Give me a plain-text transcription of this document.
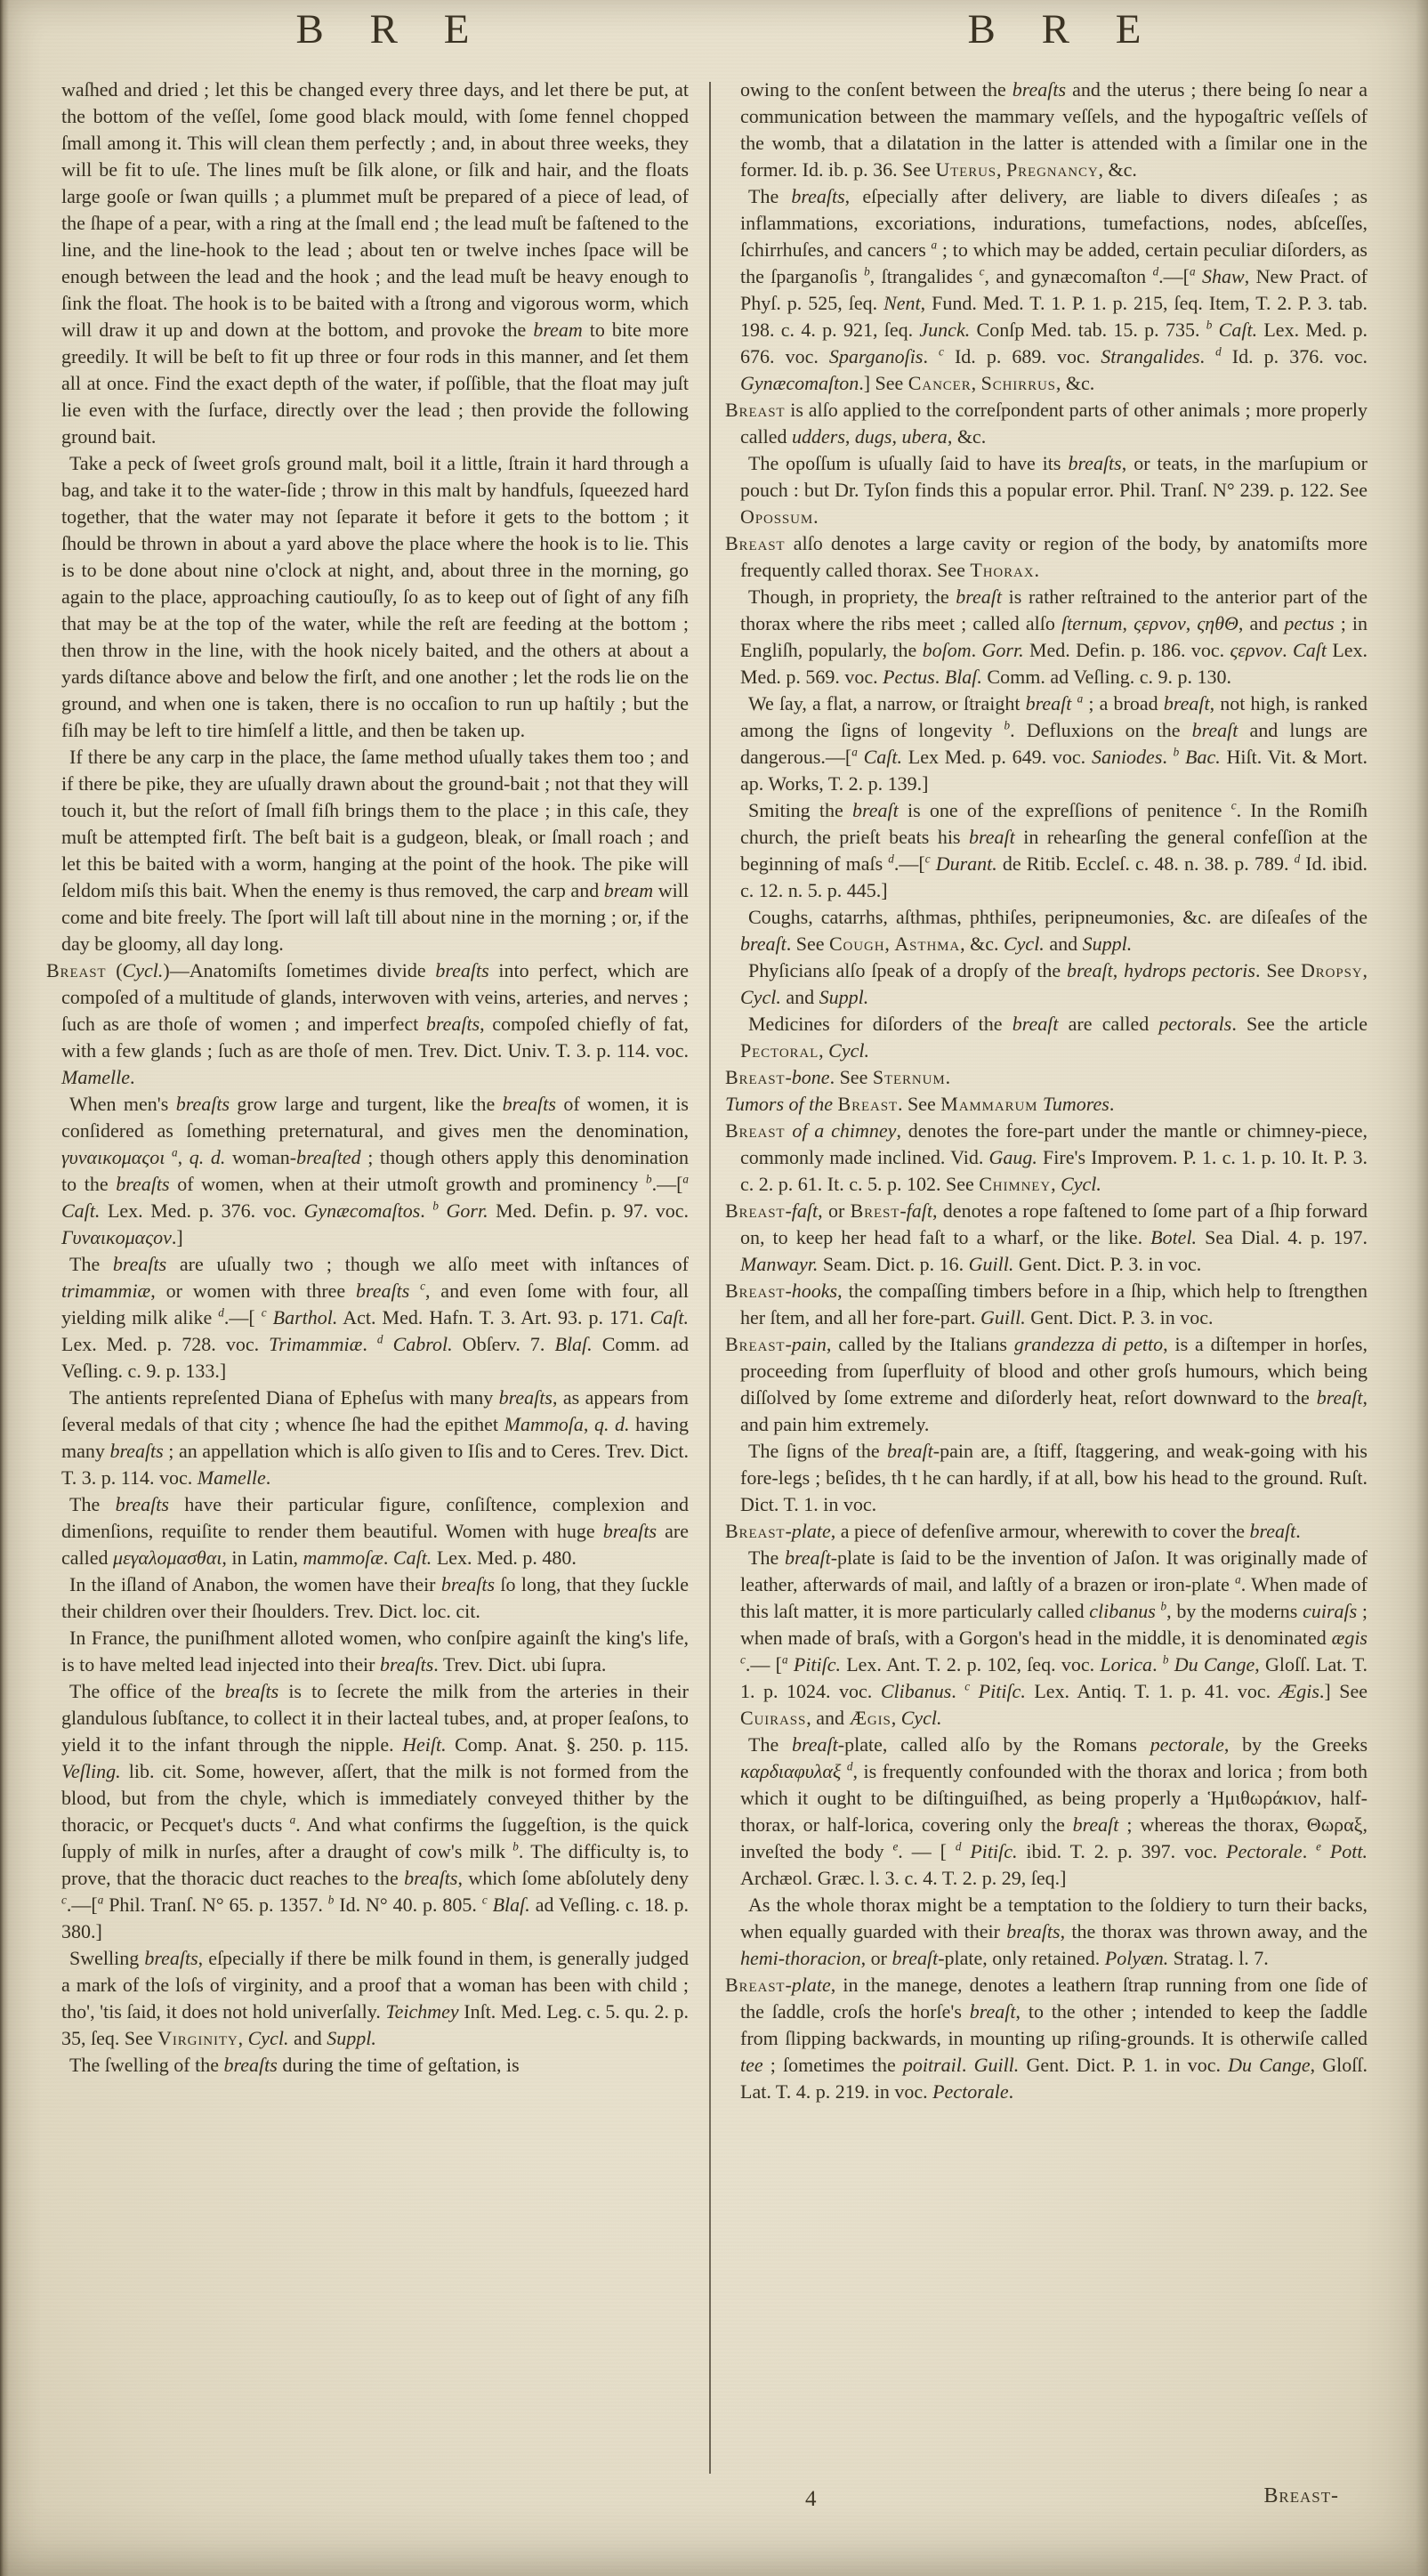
B R E	B R E

waſhed and dried ; let this be changed every three days, and let there be put, at the bottom of the veſſel, ſome good black mould, with ſome fennel chopped ſmall among it. This will clean them perfectly ; and, in about three weeks, they will be fit to uſe. The lines muſt be ſilk alone, or ſilk and hair, and the floats large gooſe or ſwan quills ; a plummet muſt be prepared of a piece of lead, of the ſhape of a pear, with a ring at the ſmall end ; the lead muſt be faſtened to the line, and the line-hook to the lead ; about ten or twelve inches ſpace will be enough between the lead and the hook ; and the lead muſt be heavy enough to ſink the float. The hook is to be baited with a ſtrong and vigorous worm, which will draw it up and down at the bottom, and provoke the bream to bite more greedily. It will be beſt to fit up three or four rods in this manner, and ſet them all at once. Find the exact depth of the water, if poſſible, that the float may juſt lie even with the ſurface, directly over the lead ; then provide the following ground bait.

Take a peck of ſweet groſs ground malt, boil it a little, ſtrain it hard through a bag, and take it to the water-ſide ; throw in this malt by handfuls, ſqueezed hard together, that the water may not ſeparate it before it gets to the bottom ; it ſhould be thrown in about a yard above the place where the hook is to lie. This is to be done about nine o'clock at night, and, about three in the morning, go again to the place, approaching cautiouſly, ſo as to keep out of ſight of any fiſh that may be at the top of the water, while the reſt are feeding at the bottom ; then throw in the line, with the hook nicely baited, and the others at about a yards diſtance above and below the firſt, and one another ; let the rods lie on the ground, and when one is taken, there is no occaſion to run up haſtily ; but the fiſh may be left to tire himſelf a little, and then be taken up.

If there be any carp in the place, the ſame method uſually takes them too ; and if there be pike, they are uſually drawn about the ground-bait ; not that they will touch it, but the reſort of ſmall fiſh brings them to the place ; in this caſe, they muſt be attempted firſt. The beſt bait is a gudgeon, bleak, or ſmall roach ; and let this be baited with a worm, hanging at the point of the hook. The pike will ſeldom miſs this bait. When the enemy is thus removed, the carp and bream will come and bite freely. The ſport will laſt till about nine in the morning ; or, if the day be gloomy, all day long.

Breast (Cycl.)—Anatomiſts ſometimes divide breaſts into perfect, which are compoſed of a multitude of glands, interwoven with veins, arteries, and nerves ; ſuch as are thoſe of women ; and imperfect breaſts, compoſed chiefly of fat, with a few glands ; ſuch as are thoſe of men. Trev. Dict. Univ. T. 3. p. 114. voc. Mamelle.

When men's breaſts grow large and turgent, like the breaſts of women, it is conſidered as ſomething preternatural, and gives men the denomination, γυναικομαςοι $^a$, q. d. woman-breaſted ; though others apply this denomination to the breaſts of women, when at their utmoſt growth and prominency $^b$.—[$^a$ Caſt. Lex. Med. p. 376. voc. Gynæcomaſtos. $^b$ Gorr. Med. Defin. p. 97. voc. Γυναικομαςον.]

The breaſts are uſually two ; though we alſo meet with inſtances of trimammiæ, or women with three breaſts $^c$, and even ſome with four, all yielding milk alike $^d$.—[ $^c$ Barthol. Act. Med. Hafn. T. 3. Art. 93. p. 171. Caſt. Lex. Med. p. 728. voc. Trimammiæ. $^d$ Cabrol. Obſerv. 7. Blaſ. Comm. ad Veſling. c. 9. p. 133.]

The antients repreſented Diana of Epheſus with many breaſts, as appears from ſeveral medals of that city ; whence ſhe had the epithet Mammoſa, q. d. having many breaſts ; an appellation which is alſo given to Iſis and to Ceres. Trev. Dict. T. 3. p. 114. voc. Mamelle.

The breaſts have their particular figure, conſiſtence, complexion and dimenſions, requiſite to render them beautiful. Women with huge breaſts are called μεγαλομασθαι, in Latin, mammoſæ. Caſt. Lex. Med. p. 480.

In the iſland of Anabon, the women have their breaſts ſo long, that they ſuckle their children over their ſhoulders. Trev. Dict. loc. cit.

In France, the puniſhment alloted women, who conſpire againſt the king's life, is to have melted lead injected into their breaſts. Trev. Dict. ubi ſupra.

The office of the breaſts is to ſecrete the milk from the arteries in their glandulous ſubſtance, to collect it in their lacteal tubes, and, at proper ſeaſons, to yield it to the infant through the nipple. Heiſt. Comp. Anat. §. 250. p. 115. Veſling. lib. cit. Some, however, aſſert, that the milk is not formed from the blood, but from the chyle, which is immediately conveyed thither by the thoracic, or Pecquet's ducts $^a$. And what confirms the ſuggeſtion, is the quick ſupply of milk in nurſes, after a draught of cow's milk $^b$. The difficulty is, to prove, that the thoracic duct reaches to the breaſts, which ſome abſolutely deny $^c$.—[$^a$ Phil. Tranſ. N° 65. p. 1357. $^b$ Id. N° 40. p. 805. $^c$ Blaſ. ad Veſling. c. 18. p. 380.]

Swelling breaſts, eſpecially if there be milk found in them, is generally judged a mark of the loſs of virginity, and a proof that a woman has been with child ; tho', 'tis ſaid, it does not hold univerſally. Teichmey Inſt. Med. Leg. c. 5. qu. 2. p. 35, ſeq. See Virginity, Cycl. and Suppl.

The ſwelling of the breaſts during the time of geſtation, is

owing to the conſent between the breaſts and the uterus ; there being ſo near a communication between the mammary veſſels, and the hypogaſtric veſſels of the womb, that a dilatation in the latter is attended with a ſimilar one in the former. Id. ib. p. 36. See Uterus, Pregnancy, &c.

The breaſts, eſpecially after delivery, are liable to divers diſeaſes ; as inflammations, excoriations, indurations, tumefactions, nodes, abſceſſes, ſchirrhuſes, and cancers $^a$ ; to which may be added, certain peculiar diſorders, as the ſparganoſis $^b$, ſtrangalides $^c$, and gynæcomaſton $^d$.—[$^a$ Shaw, New Pract. of Phyſ. p. 525, ſeq. Nent, Fund. Med. T. 1. P. 1. p. 215, ſeq. Item, T. 2. P. 3. tab. 198. c. 4. p. 921, ſeq. Junck. Conſp Med. tab. 15. p. 735. $^b$ Caſt. Lex. Med. p. 676. voc. Sparganoſis. $^c$ Id. p. 689. voc. Strangalides. $^d$ Id. p. 376. voc. Gynæcomaſton.] See Cancer, Schirrus, &c.

Breast is alſo applied to the correſpondent parts of other animals ; more properly called udders, dugs, ubera, &c.

The opoſſum is uſually ſaid to have its breaſts, or teats, in the marſupium or pouch : but Dr. Tyſon finds this a popular error. Phil. Tranſ. N° 239. p. 122. See Opossum.

Breast alſo denotes a large cavity or region of the body, by anatomiſts more frequently called thorax. See Thorax.

Though, in propriety, the breaſt is rather reſtrained to the anterior part of the thorax where the ribs meet ; called alſo ſternum, ςερνον, ςηθΘ, and pectus ; in Engliſh, popularly, the boſom. Gorr. Med. Defin. p. 186. voc. ςερνον. Caſt Lex. Med. p. 569. voc. Pectus. Blaſ. Comm. ad Veſling. c. 9. p. 130.

We ſay, a flat, a narrow, or ſtraight breaſt $^a$ ; a broad breaſt, not high, is ranked among the ſigns of longevity $^b$. Defluxions on the breaſt and lungs are dangerous.—[$^a$ Caſt. Lex Med. p. 649. voc. Saniodes. $^b$ Bac. Hiſt. Vit. & Mort. ap. Works, T. 2. p. 139.]

Smiting the breaſt is one of the expreſſions of penitence $^c$. In the Romiſh church, the prieſt beats his breaſt in rehearſing the general confeſſion at the beginning of maſs $^d$.—[$^c$ Durant. de Ritib. Eccleſ. c. 48. n. 38. p. 789. $^d$ Id. ibid. c. 12. n. 5. p. 445.]

Coughs, catarrhs, aſthmas, phthiſes, peripneumonies, &c. are diſeaſes of the breaſt. See Cough, Asthma, &c. Cycl. and Suppl.

Phyſicians alſo ſpeak of a dropſy of the breaſt, hydrops pectoris. See Dropsy, Cycl. and Suppl.

Medicines for diſorders of the breaſt are called pectorals. See the article Pectoral, Cycl.

Breast-bone. See Sternum.

Tumors of the Breast. See Mammarum Tumores.

Breast of a chimney, denotes the fore-part under the mantle or chimney-piece, commonly made inclined. Vid. Gaug. Fire's Improvem. P. 1. c. 1. p. 10. It. P. 3. c. 2. p. 61. It. c. 5. p. 102. See Chimney, Cycl.

Breast-faſt, or Brest-faſt, denotes a rope faſtened to ſome part of a ſhip forward on, to keep her head faſt to a wharf, or the like. Botel. Sea Dial. 4. p. 197. Manwayr. Seam. Dict. p. 16. Guill. Gent. Dict. P. 3. in voc.

Breast-hooks, the compaſſing timbers before in a ſhip, which help to ſtrengthen her ſtem, and all her fore-part. Guill. Gent. Dict. P. 3. in voc.

Breast-pain, called by the Italians grandezza di petto, is a diſtemper in horſes, proceeding from ſuperfluity of blood and other groſs humours, which being diſſolved by ſome extreme and diſorderly heat, reſort downward to the breaſt, and pain him extremely.

The ſigns of the breaſt-pain are, a ſtiff, ſtaggering, and weak-going with his fore-legs ; beſides, th t he can hardly, if at all, bow his head to the ground. Ruſt. Dict. T. 1. in voc.

Breast-plate, a piece of defenſive armour, wherewith to cover the breaſt.

The breaſt-plate is ſaid to be the invention of Jaſon. It was originally made of leather, afterwards of mail, and laſtly of a brazen or iron-plate $^a$. When made of this laſt matter, it is more particularly called clibanus $^b$, by the moderns cuiraſs ; when made of braſs, with a Gorgon's head in the middle, it is denominated ægis $^c$.— [$^a$ Pitiſc. Lex. Ant. T. 2. p. 102, ſeq. voc. Lorica. $^b$ Du Cange, Gloſſ. Lat. T. 1. p. 1024. voc. Clibanus. $^c$ Pitiſc. Lex. Antiq. T. 1. p. 41. voc. Ægis.] See Cuirass, and Ægis, Cycl.

The breaſt-plate, called alſo by the Romans pectorale, by the Greeks καρδιαφυλαξ $^d$, is frequently confounded with the thorax and lorica ; from both which it ought to be diſtinguiſhed, as being properly a Ἡμιθωράκιον, half-thorax, or half-lorica, covering only the breaſt ; whereas the thorax, Θωραξ, inveſted the body $^e$. — [ $^d$ Pitiſc. ibid. T. 2. p. 397. voc. Pectorale. $^e$ Pott. Archæol. Græc. l. 3. c. 4. T. 2. p. 29, ſeq.]

As the whole thorax might be a temptation to the ſoldiery to turn their backs, when equally guarded with their breaſts, the thorax was thrown away, and the hemi-thoracion, or breaſt-plate, only retained. Polyæn. Stratag. l. 7.

Breast-plate, in the manege, denotes a leathern ſtrap running from one ſide of the ſaddle, croſs the horſe's breaſt, to the other ; intended to keep the ſaddle from ſlipping backwards, in mounting up riſing-grounds. It is otherwiſe called tee ; ſometimes the poitrail. Guill. Gent. Dict. P. 1. in voc. Du Cange, Gloſſ. Lat. T. 4. p. 219. in voc. Pectorale.

4	Breast-
